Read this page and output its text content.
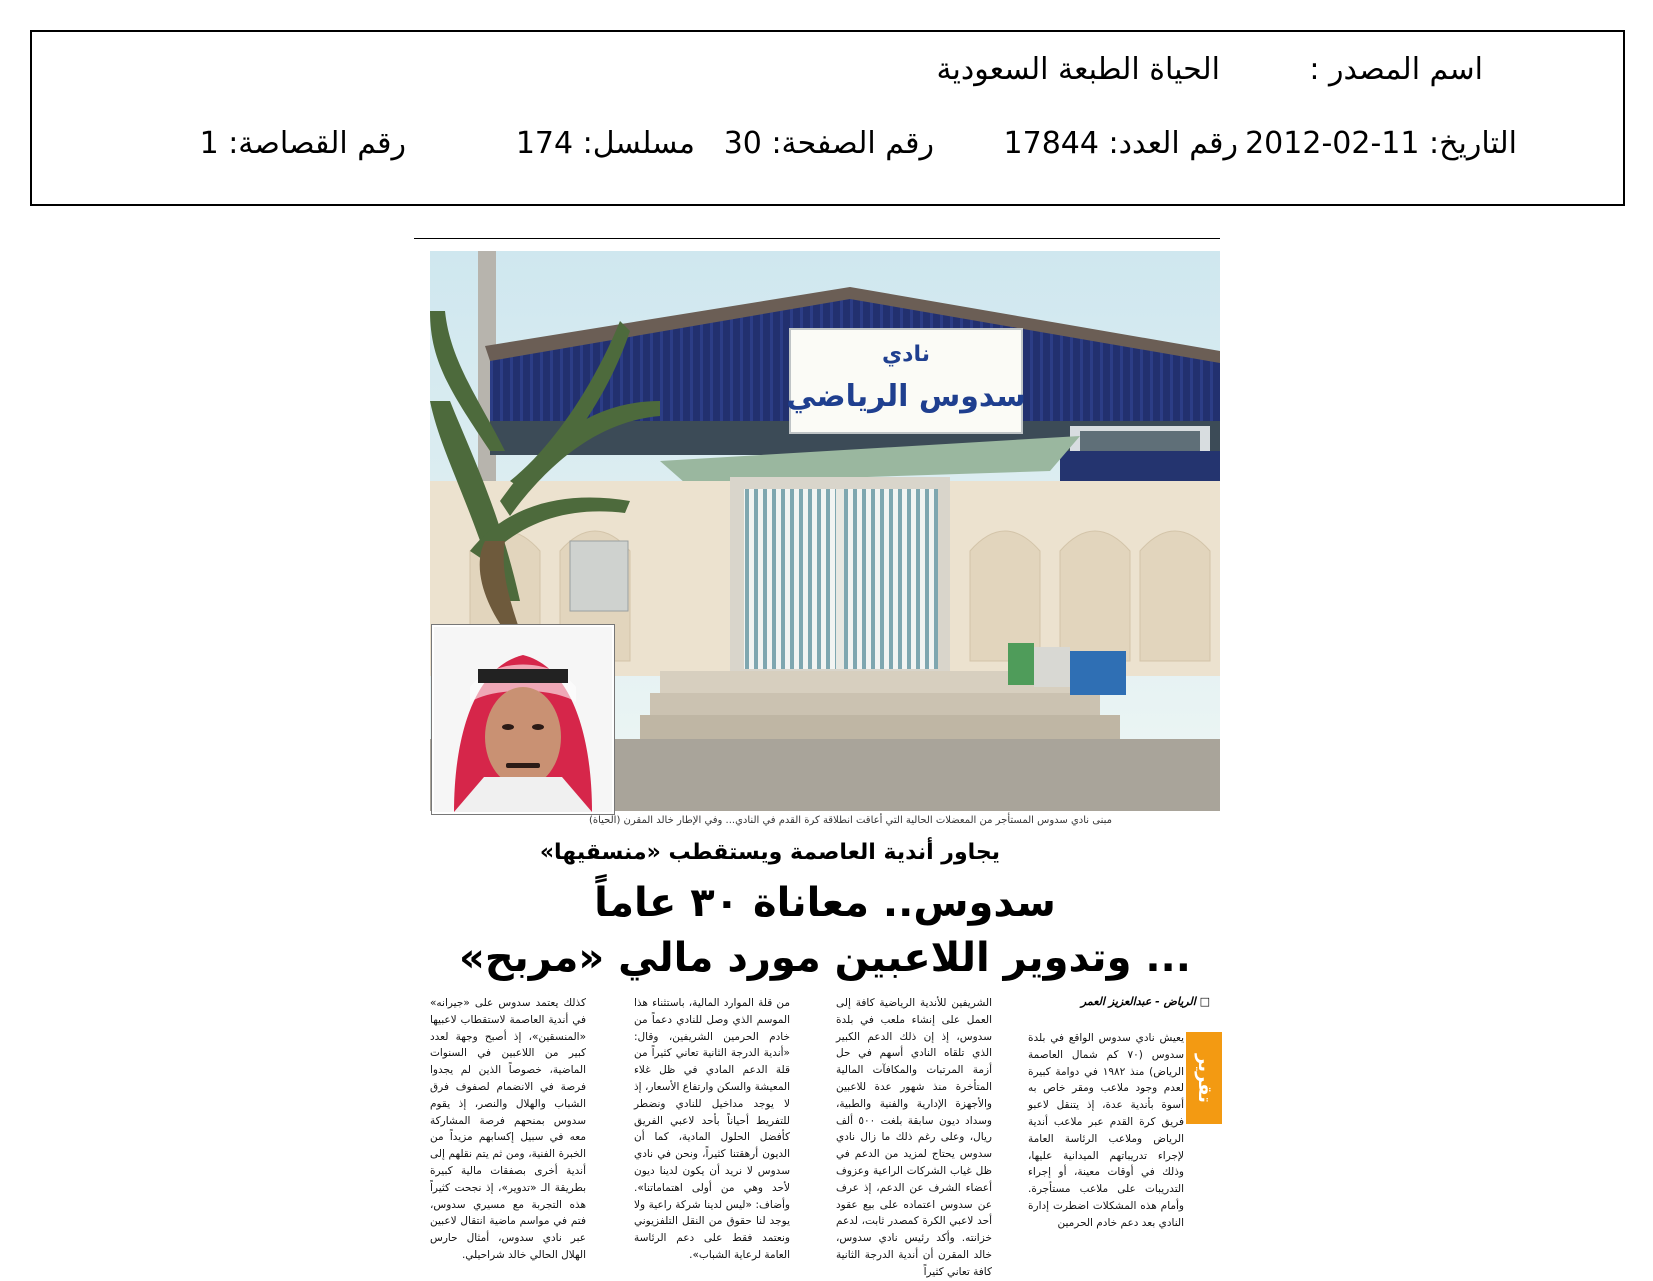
اسم المصدر :
الحياة الطبعة السعودية
التاريخ: 11-02-2012
رقم العدد: 17844
رقم الصفحة: 30
مسلسل: 174
رقم القصاصة: 1
نادي
سدوس الرياضي
مبنى نادي سدوس المستأجر من المعضلات الحالية التي أعاقت انطلاقة كرة القدم في النادي... وفي الإطار خالد المقرن (الحياة)
يجاور أندية العاصمة ويستقطب «منسقيها»
سدوس.. معاناة ٣٠ عاماً
... وتدوير اللاعبين مورد مالي «مربح»
□ الرياض - عبدالعزيز العمر
تقرير
يعيش نادي سدوس الواقع في بلدة سدوس (٧٠ كم شمال العاصمة الرياض) منذ ١٩٨٢ في دوامة كبيرة لعدم وجود ملاعب ومقر خاص به أسوة بأندية عدة، إذ يتنقل لاعبو فريق كرة القدم عبر ملاعب أندية الرياض وملاعب الرئاسة العامة لإجراء تدريباتهم الميدانية عليها، وذلك في أوقات معينة، أو إجراء التدريبات على ملاعب مستأجرة. وأمام هذه المشكلات اضطرت إدارة النادي بعد دعم خادم الحرمين
الشريفين للأندية الرياضية كافة إلى العمل على إنشاء ملعب في بلدة سدوس، إذ إن ذلك الدعم الكبير الذي تلقاه النادي أسهم في حل أزمة المرتبات والمكافآت المالية المتأخرة منذ شهور عدة للاعبين والأجهزة الإدارية والفنية والطبية، وسداد ديون سابقة بلغت ٥٠٠ ألف ريال، وعلى رغم ذلك ما زال نادي سدوس يحتاج لمزيد من الدعم في ظل غياب الشركات الراعية وعزوف أعضاء الشرف عن الدعم، إذ عرف عن سدوس اعتماده على بيع عقود أحد لاعبي الكرة كمصدر ثابت، لدعم خزانته. وأكد رئيس نادي سدوس، خالد المقرن أن أندية الدرجة الثانية كافة تعاني كثيراً
من قلة الموارد المالية، باستثناء هذا الموسم الذي وصل للنادي دعماً من خادم الحرمين الشريفين، وقال: «أندية الدرجة الثانية تعاني كثيراً من قلة الدعم المادي في ظل غلاء المعيشة والسكن وارتفاع الأسعار، إذ لا يوجد مداخيل للنادي ونضطر للتفريط أحياناً بأحد لاعبي الفريق كأفضل الحلول المادية، كما أن الديون أرهقتنا كثيراً، ونحن في نادي سدوس لا نريد أن يكون لدينا ديون لأحد وهي من أولى اهتماماتنا». وأضاف: «ليس لدينا شركة راعية ولا يوجد لنا حقوق من النقل التلفزيوني ونعتمد فقط على دعم الرئاسة العامة لرعاية الشباب».
كذلك يعتمد سدوس على «جيرانه» في أندية العاصمة لاستقطاب لاعبيها «المنسقين»، إذ أصبح وجهة لعدد كبير من اللاعبين في السنوات الماضية، خصوصاً الذين لم يجدوا فرصة في الانضمام لصفوف فرق الشباب والهلال والنصر، إذ يقوم سدوس بمنحهم فرصة المشاركة معه في سبيل إكسابهم مزيداً من الخبرة الفنية، ومن ثم يتم نقلهم إلى أندية أخرى بصفقات مالية كبيرة بطريقة الـ «تدوير»، إذ نجحت كثيراً هذه التجربة مع مسيري سدوس، فتم في مواسم ماضية انتقال لاعبين عبر نادي سدوس، أمثال حارس الهلال الحالي خالد شراحيلي.
